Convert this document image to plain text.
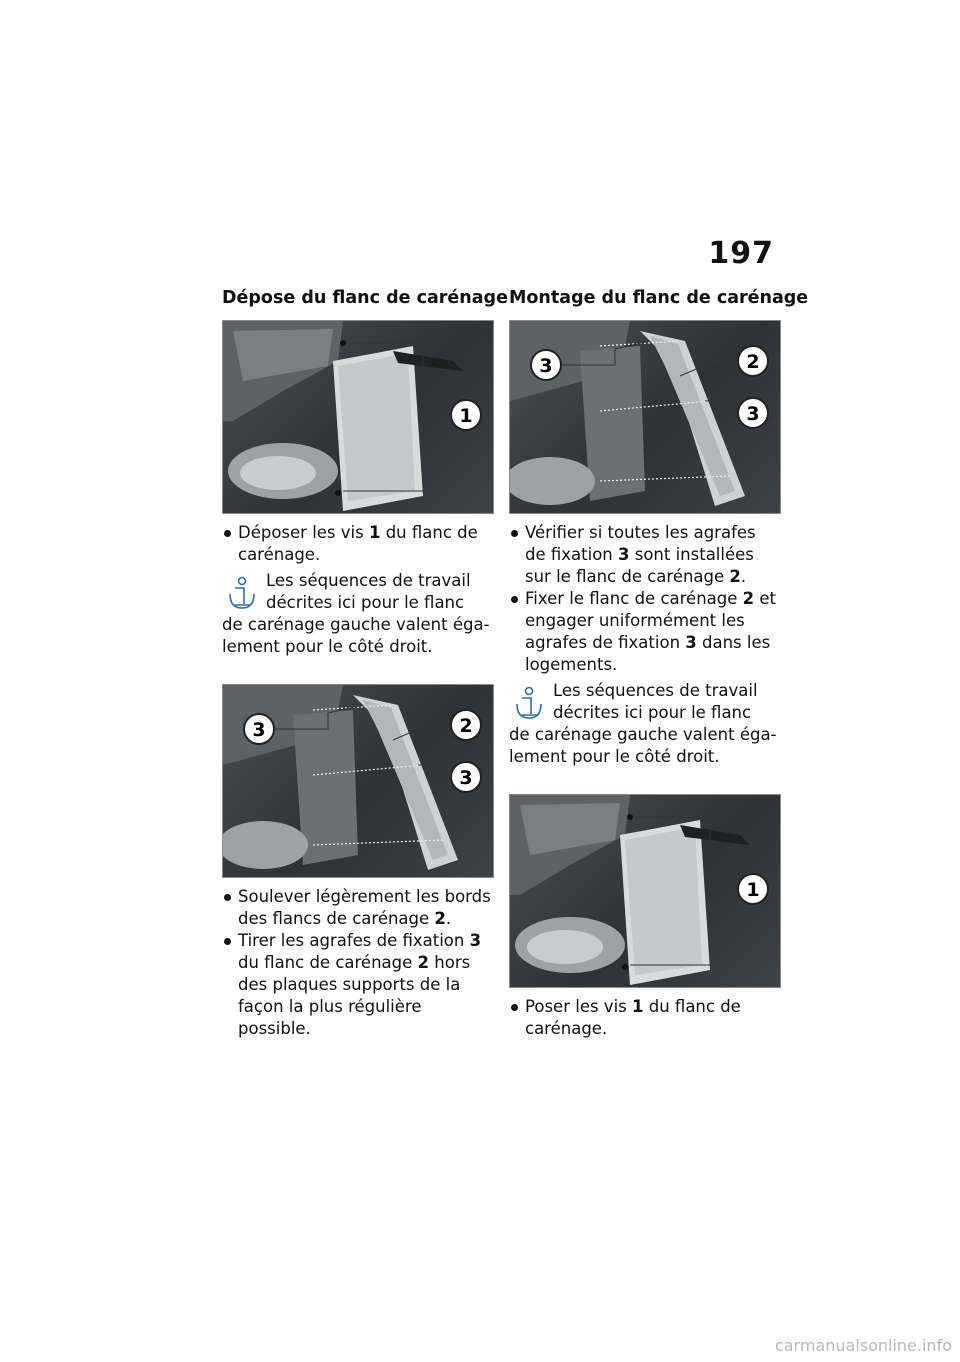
197
Dépose du flanc de carénage
1
Déposer les vis 1 du flanc de carénage.
Les séquences de travail
décrites ici pour le flanc
de carénage gauche valent éga-
lement pour le côté droit.
3	2
3
Soulever légèrement les bords des flancs de carénage 2.
Tirer les agrafes de fixation 3 du flanc de carénage 2 hors des plaques supports de la façon la plus régulière possible.
Montage du flanc de carénage
3	2
3
Vérifier si toutes les agrafes de fixation 3 sont installées sur le flanc de carénage 2.
Fixer le flanc de carénage 2 et engager uniformément les agrafes de fixation 3 dans les logements.
Les séquences de travail
décrites ici pour le flanc
de carénage gauche valent éga-
lement pour le côté droit.
1
Poser les vis 1 du flanc de carénage.
carmanualsonline.info
